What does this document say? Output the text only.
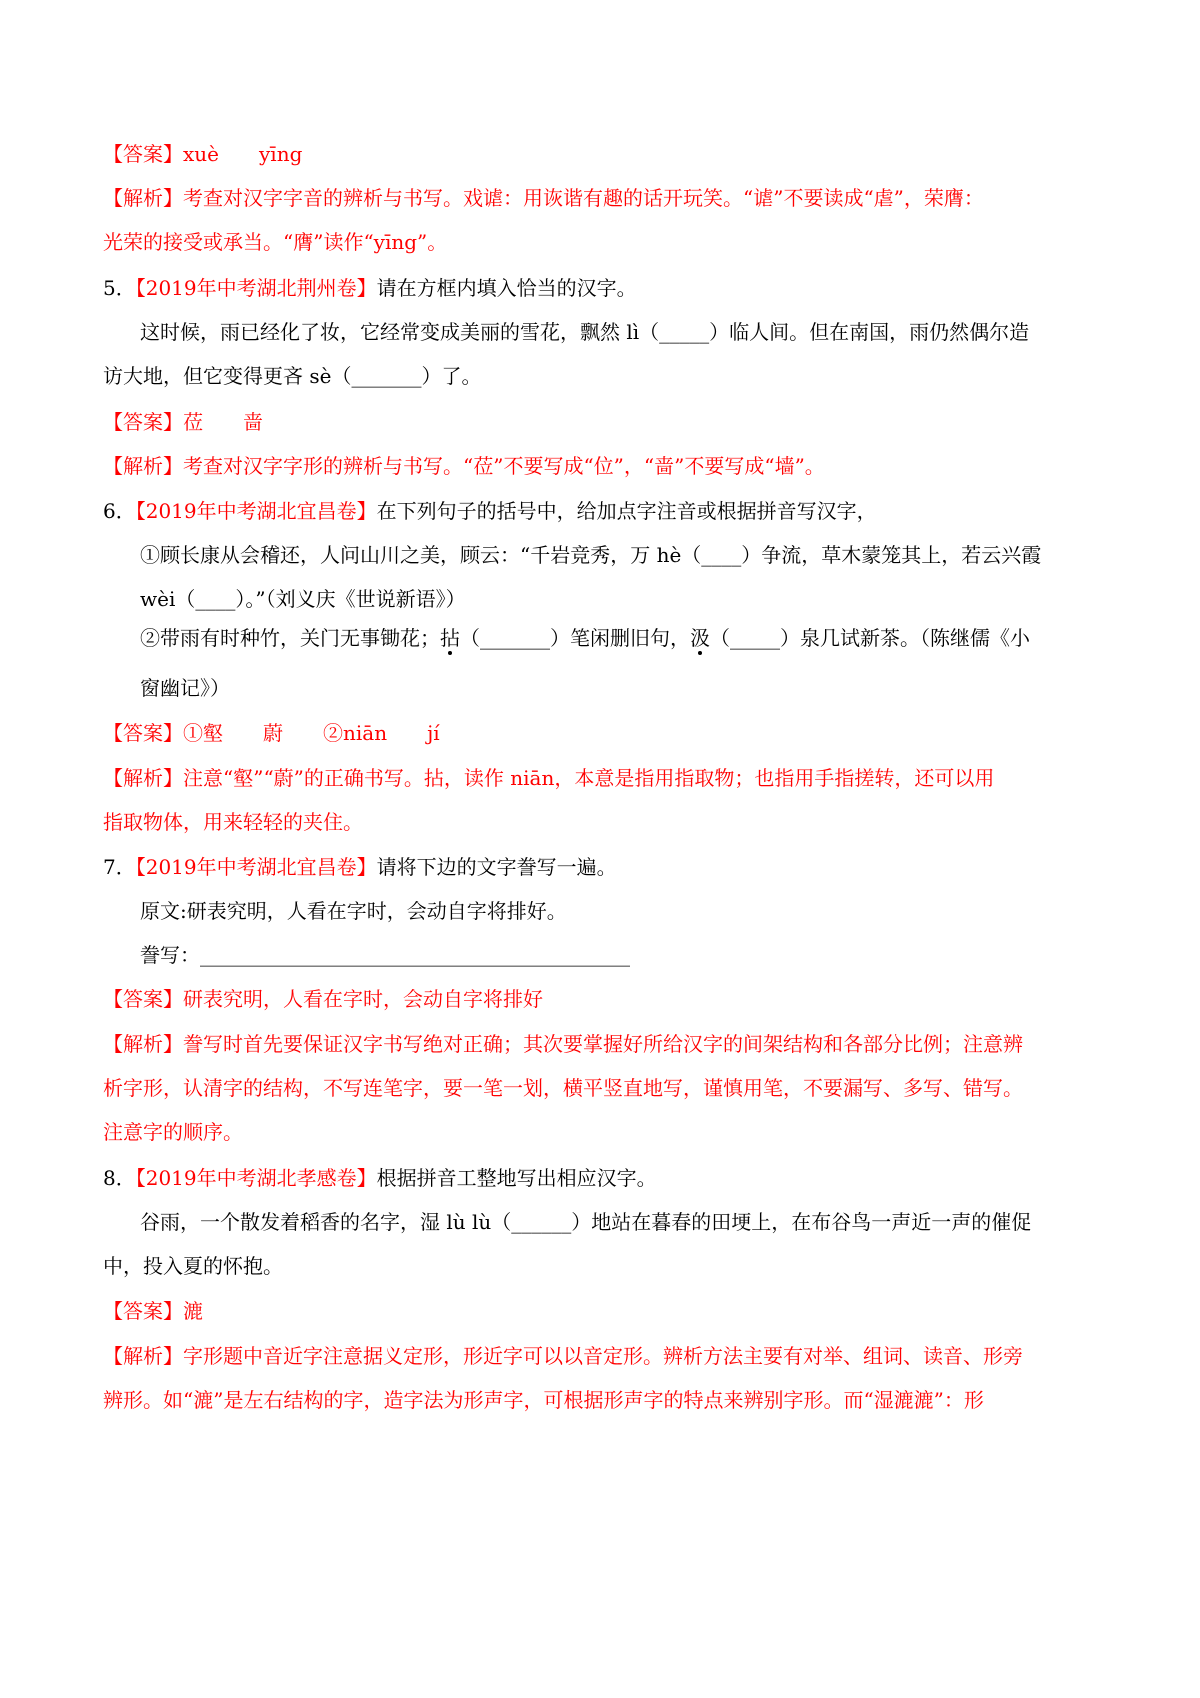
【答案】xuè　　yīng
【解析】考查对汉字字音的辨析与书写。戏谑：用诙谐有趣的话开玩笑。“谑”不要读成“虐”，荣膺：
光荣的接受或承当。“膺”读作“yīng”。
5．【2019年中考湖北荆州卷】请在方框内填入恰当的汉字。
这时候，雨已经化了妆，它经常变成美丽的雪花，飘然 lì（_____）临人间。但在南国，雨仍然偶尔造
访大地，但它变得更吝 sè（_______）了。
【答案】莅　　啬
【解析】考查对汉字字形的辨析与书写。“莅”不要写成“位”，“啬”不要写成“墙”。
6．【2019年中考湖北宜昌卷】在下列句子的括号中，给加点字注音或根据拼音写汉字，
①顾长康从会稽还，人问山川之美，顾云：“千岩竞秀，万 hè（____）争流，草木蒙笼其上，若云兴霞
wèi（____）。”（刘义庆《世说新语》）
②带雨有时种竹，关门无事锄花；拈（_______）笔闲删旧句，汲（_____）泉几试新茶。（陈继儒《小
窗幽记》）
【答案】①壑　　蔚　　②niān　　jí
【解析】注意“壑”“蔚”的正确书写。拈，读作 niān，本意是指用指取物；也指用手指搓转，还可以用
指取物体，用来轻轻的夹住。
7．【2019年中考湖北宜昌卷】请将下边的文字誊写一遍。
原文:研表究明，人看在字时，会动自字将排好。
誊写：___________________________________________
【答案】研表究明，人看在字时，会动自字将排好
【解析】誊写时首先要保证汉字书写绝对正确；其次要掌握好所给汉字的间架结构和各部分比例；注意辨
析字形，认清字的结构，不写连笔字，要一笔一划，横平竖直地写，谨慎用笔，不要漏写、多写、错写。
注意字的顺序。
8．【2019年中考湖北孝感卷】根据拼音工整地写出相应汉字。
谷雨，一个散发着稻香的名字，湿 lù lù（______）地站在暮春的田埂上，在布谷鸟一声近一声的催促
中，投入夏的怀抱。
【答案】漉
【解析】字形题中音近字注意据义定形，形近字可以以音定形。辨析方法主要有对举、组词、读音、形旁
辨形。如“漉”是左右结构的字，造字法为形声字，可根据形声字的特点来辨别字形。而“湿漉漉”：形
